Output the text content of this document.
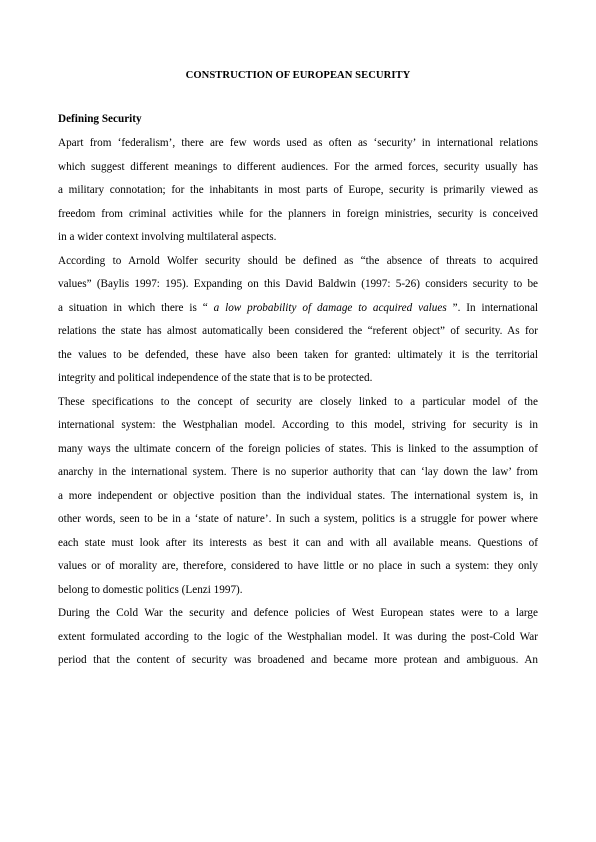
CONSTRUCTION OF EUROPEAN SECURITY
Defining Security
Apart from ‘federalism’, there are few words used as often as ‘security’ in international relations
which suggest different meanings to different audiences. For the armed forces, security usually has
a military connotation; for the inhabitants in most parts of Europe, security is primarily viewed as
freedom from criminal activities while for the planners in foreign ministries, security is conceived
in a wider context involving multilateral aspects.
According to Arnold Wolfer security should be defined as “the absence of threats to acquired
values” (Baylis 1997: 195). Expanding on this David Baldwin (1997: 5-26) considers security to be
a situation in which there is “ a low probability of damage to acquired values ”. In international
relations the state has almost automatically been considered the “referent object” of security. As for
the values to be defended, these have also been taken for granted: ultimately it is the territorial
integrity and political independence of the state that is to be protected.
These specifications to the concept of security are closely linked to a particular model of the
international system: the Westphalian model. According to this model, striving for security is in
many ways the ultimate concern of the foreign policies of states. This is linked to the assumption of
anarchy in the international system. There is no superior authority that can ‘lay down the law’ from
a more independent or objective position than the individual states. The international system is, in
other words, seen to be in a ‘state of nature’. In such a system, politics is a struggle for power where
each state must look after its interests as best it can and with all available means. Questions of
values or of morality are, therefore, considered to have little or no place in such a system: they only
belong to domestic politics (Lenzi 1997).
During the Cold War the security and defence policies of West European states were to a large
extent formulated according to the logic of the Westphalian model. It was during the post-Cold War
period that the content of security was broadened and became more protean and ambiguous. An
